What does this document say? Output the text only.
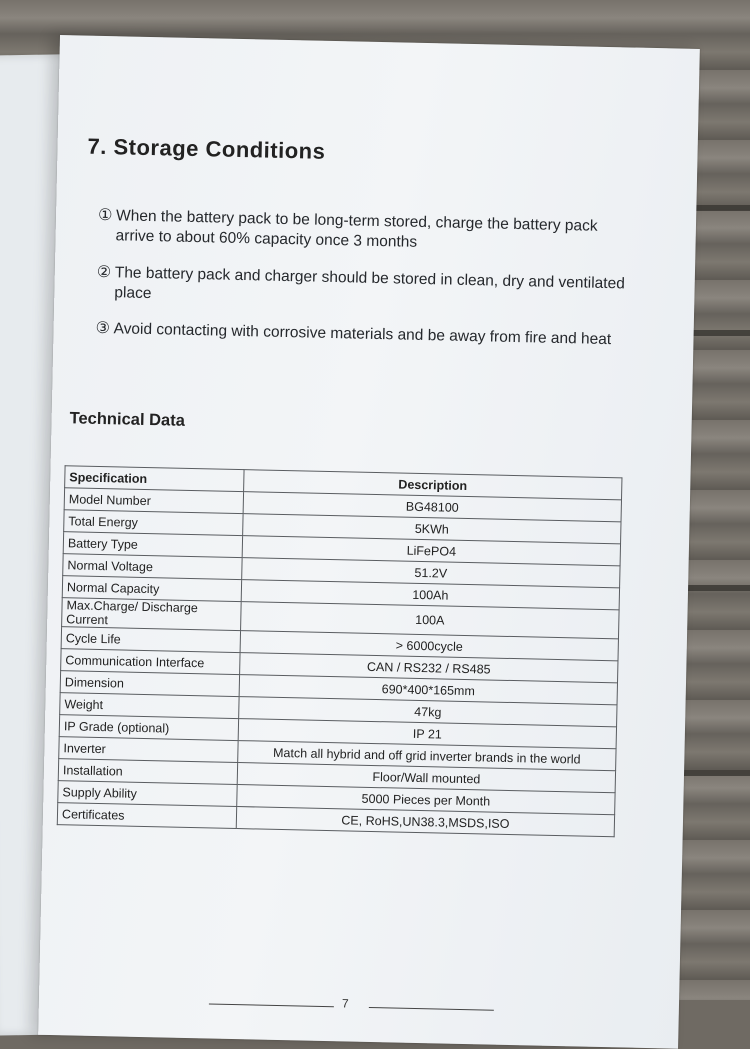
7. Storage Conditions
① When the battery pack to be long-term stored, charge the battery pack arrive to about 60% capacity once 3 months
② The battery pack and charger should be stored in clean, dry and ventilated place
③ Avoid contacting with corrosive materials and be away from fire and heat
Technical Data
Specification	Description
Model Number	BG48100
Total Energy	5KWh
Battery Type	LiFePO4
Normal Voltage	51.2V
Normal Capacity	100Ah
Max.Charge/ Discharge Current	100A
Cycle Life	> 6000cycle
Communication Interface	CAN / RS232 / RS485
Dimension	690*400*165mm
Weight	47kg
IP Grade (optional)	IP 21
Inverter	Match all hybrid and off grid inverter brands in the world
Installation	Floor/Wall mounted
Supply Ability	5000 Pieces per Month
Certificates	CE, RoHS,UN38.3,MSDS,ISO
7
